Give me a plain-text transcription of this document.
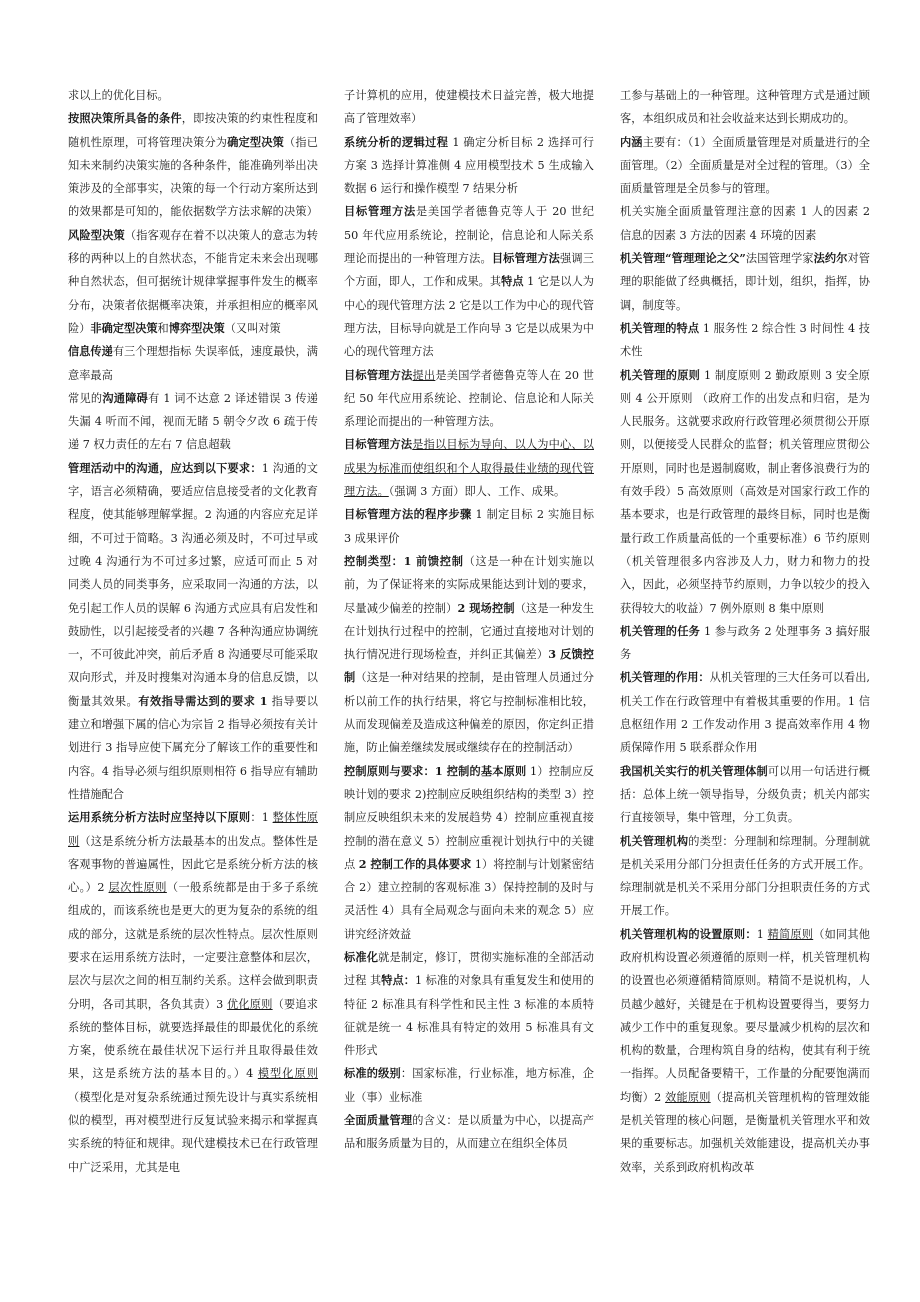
求以上的优化目标。

按照决策所具备的条件，即按决策的约束性程度和随机性原理，可将管理决策分为确定型决策（指已知未来制约决策实施的各种条件，能准确列举出决策涉及的全部事实，决策的每一个行动方案所达到的效果都是可知的，能依据数学方法求解的决策）风险型决策（指客观存在着不以决策人的意志为转移的两种以上的自然状态，不能肯定未来会出现哪种自然状态，但可据统计规律掌握事件发生的概率分布，决策者依据概率决策，并承担相应的概率风险）非确定型决策和博弈型决策（又叫对策

信息传递有三个理想指标 失误率低，速度最快，满意率最高

常见的沟通障碍有 1 词不达意 2 译述错误 3 传递失漏 4 听而不闻，视而无睹 5 朝令夕改 6 疏于传递 7 权力责任的左右 7 信息超载

管理活动中的沟通，应达到以下要求：1 沟通的文字，语言必须精确，要适应信息接受者的文化教育程度，使其能够理解掌握。2 沟通的内容应充足详细，不可过于简略。3 沟通必须及时，不可过早或过晚 4 沟通行为不可过多过繁，应适可而止 5 对同类人员的同类事务，应采取同一沟通的方法，以免引起工作人员的误解 6 沟通方式应具有启发性和鼓励性，以引起接受者的兴趣 7 各种沟通应协调统一，不可彼此冲突，前后矛盾 8 沟通要尽可能采取双向形式，并及时搜集对沟通本身的信息反馈，以衡量其效果。有效指导需达到的要求 1 指导要以建立和增强下属的信心为宗旨 2 指导必须按有关计划进行 3 指导应使下属充分了解该工作的重要性和内容。4 指导必须与组织原则相符 6 指导应有辅助性措施配合

运用系统分析方法时应坚持以下原则：1 整体性原则（这是系统分析方法最基本的出发点。整体性是客观事物的普遍属性，因此它是系统分析方法的核心。）2 层次性原则（一般系统都是由于多子系统组成的，而该系统也是更大的更为复杂的系统的组成的部分，这就是系统的层次性特点。层次性原则要求在运用系统方法时，一定要注意整体和层次，层次与层次之间的相互制约关系。这样会做到职责分明，各司其职，各负其责）3 优化原则（要追求系统的整体目标，就要选择最佳的即最优化的系统方案，使系统在最佳状况下运行并且取得最佳效果，这是系统方法的基本目的。）4 模型化原则（模型化是对复杂系统通过预先设计与真实系统相似的模型，再对模型进行反复试验来揭示和掌握真实系统的特征和规律。现代建模技术已在行政管理中广泛采用，尤其是电

子计算机的应用，使建模技术日益完善，极大地提高了管理效率）

系统分析的逻辑过程 1 确定分析目标 2 选择可行方案 3 选择计算准侧 4 应用模型技术 5 生成输入数据 6 运行和操作模型 7 结果分析

目标管理方法是美国学者德鲁克等人于 20 世纪 50 年代应用系统论，控制论，信息论和人际关系理论而提出的一种管理方法。目标管理方法强调三个方面，即人，工作和成果。其特点 1 它是以人为中心的现代管理方法 2 它是以工作为中心的现代管理方法，目标导向就是工作向导 3 它是以成果为中心的现代管理方法

目标管理方法提出是美国学者德鲁克等人在 20 世纪 50 年代应用系统论、控制论、信息论和人际关系理论而提出的一种管理方法。

目标管理方法是指以目标为导向、以人为中心、以成果为标准而使组织和个人取得最佳业绩的现代管理方法。（强调 3 方面）即人、工作、成果。

目标管理方法的程序步骤 1 制定目标 2 实施目标 3 成果评价

控制类型：1 前馈控制（这是一种在计划实施以前，为了保证将来的实际成果能达到计划的要求，尽量减少偏差的控制）2 现场控制（这是一种发生在计划执行过程中的控制，它通过直接地对计划的执行情况进行现场检查，并纠正其偏差）3 反馈控制（这是一种对结果的控制，是由管理人员通过分析以前工作的执行结果，将它与控制标准相比较，从而发现偏差及造成这种偏差的原因，你定纠正措施，防止偏差继续发展或继续存在的控制活动）

控制原则与要求：1 控制的基本原则 1）控制应反映计划的要求 2)控制应反映组织结构的类型 3）控制应反映组织未来的发展趋势 4）控制应重视直接控制的潜在意义 5）控制应重视计划执行中的关键点 2 控制工作的具体要求 1）将控制与计划紧密结合 2）建立控制的客观标准 3）保持控制的及时与灵活性 4）具有全局观念与面向未来的观念 5）应讲究经济效益

标准化就是制定，修订，贯彻实施标准的全部活动过程 其特点：1 标准的对象具有重复发生和使用的特征 2 标准具有科学性和民主性 3 标准的本质特征就是统一 4 标准具有特定的效用 5 标准具有文件形式

标准的级别：国家标准，行业标准，地方标准，企业（事）业标准

全面质量管理的含义：是以质量为中心，以提高产品和服务质量为目的，从而建立在组织全体员

工参与基础上的一种管理。这种管理方式是通过顾客，本组织成员和社会收益来达到长期成功的。

内涵主要有：（1）全面质量管理是对质量进行的全面管理。（2）全面质量是对全过程的管理。（3）全面质量管理是全员参与的管理。

机关实施全面质量管理注意的因素 1 人的因素 2 信息的因素 3 方法的因素 4 环境的因素

机关管理“管理理论之父”法国管理学家法约尔对管理的职能做了经典概括，即计划，组织，指挥，协调，制度等。

机关管理的特点 1 服务性 2 综合性 3 时间性 4 技术性

机关管理的原则 1 制度原则 2 勤政原则 3 安全原则 4 公开原则 （政府工作的出发点和归宿，是为人民服务。这就要求政府行政管理必须贯彻公开原则，以便接受人民群众的监督；机关管理应贯彻公开原则，同时也是遏制腐败，制止奢侈浪费行为的有效手段）5 高效原则（高效是对国家行政工作的基本要求，也是行政管理的最终目标，同时也是衡量行政工作质量高低的一个重要标准）6 节约原则（机关管理很多内容涉及人力，财力和物力的投入，因此，必须坚持节约原则，力争以较少的投入获得较大的收益）7 例外原则 8 集中原则

机关管理的任务 1 参与政务 2 处理事务 3 搞好服务

机关管理的作用：从机关管理的三大任务可以看出,机关工作在行政管理中有着极其重要的作用。1 信息枢纽作用 2 工作发动作用 3 提高效率作用 4 物质保障作用 5 联系群众作用

我国机关实行的机关管理体制可以用一句话进行概括：总体上统一领导指导，分级负责；机关内部实行直接领导，集中管理，分工负责。

机关管理机构的类型：分理制和综理制。分理制就是机关采用分部门分担责任任务的方式开展工作。综理制就是机关不采用分部门分担职责任务的方式开展工作。

机关管理机构的设置原则：1 精简原则（如同其他政府机构设置必须遵循的原则一样，机关管理机构的设置也必须遵循精简原则。精简不是说机构，人员越少越好，关键是在于机构设置要得当，要努力减少工作中的重复现象。要尽量减少机构的层次和机构的数量，合理构筑自身的结构，使其有利于统一指挥。人员配备要精干，工作量的分配要饱满而均衡）2 效能原则（提高机关管理机构的管理效能是机关管理的核心问题，是衡量机关管理水平和效果的重要标志。加强机关效能建设，提高机关办事效率，关系到政府机构改革
